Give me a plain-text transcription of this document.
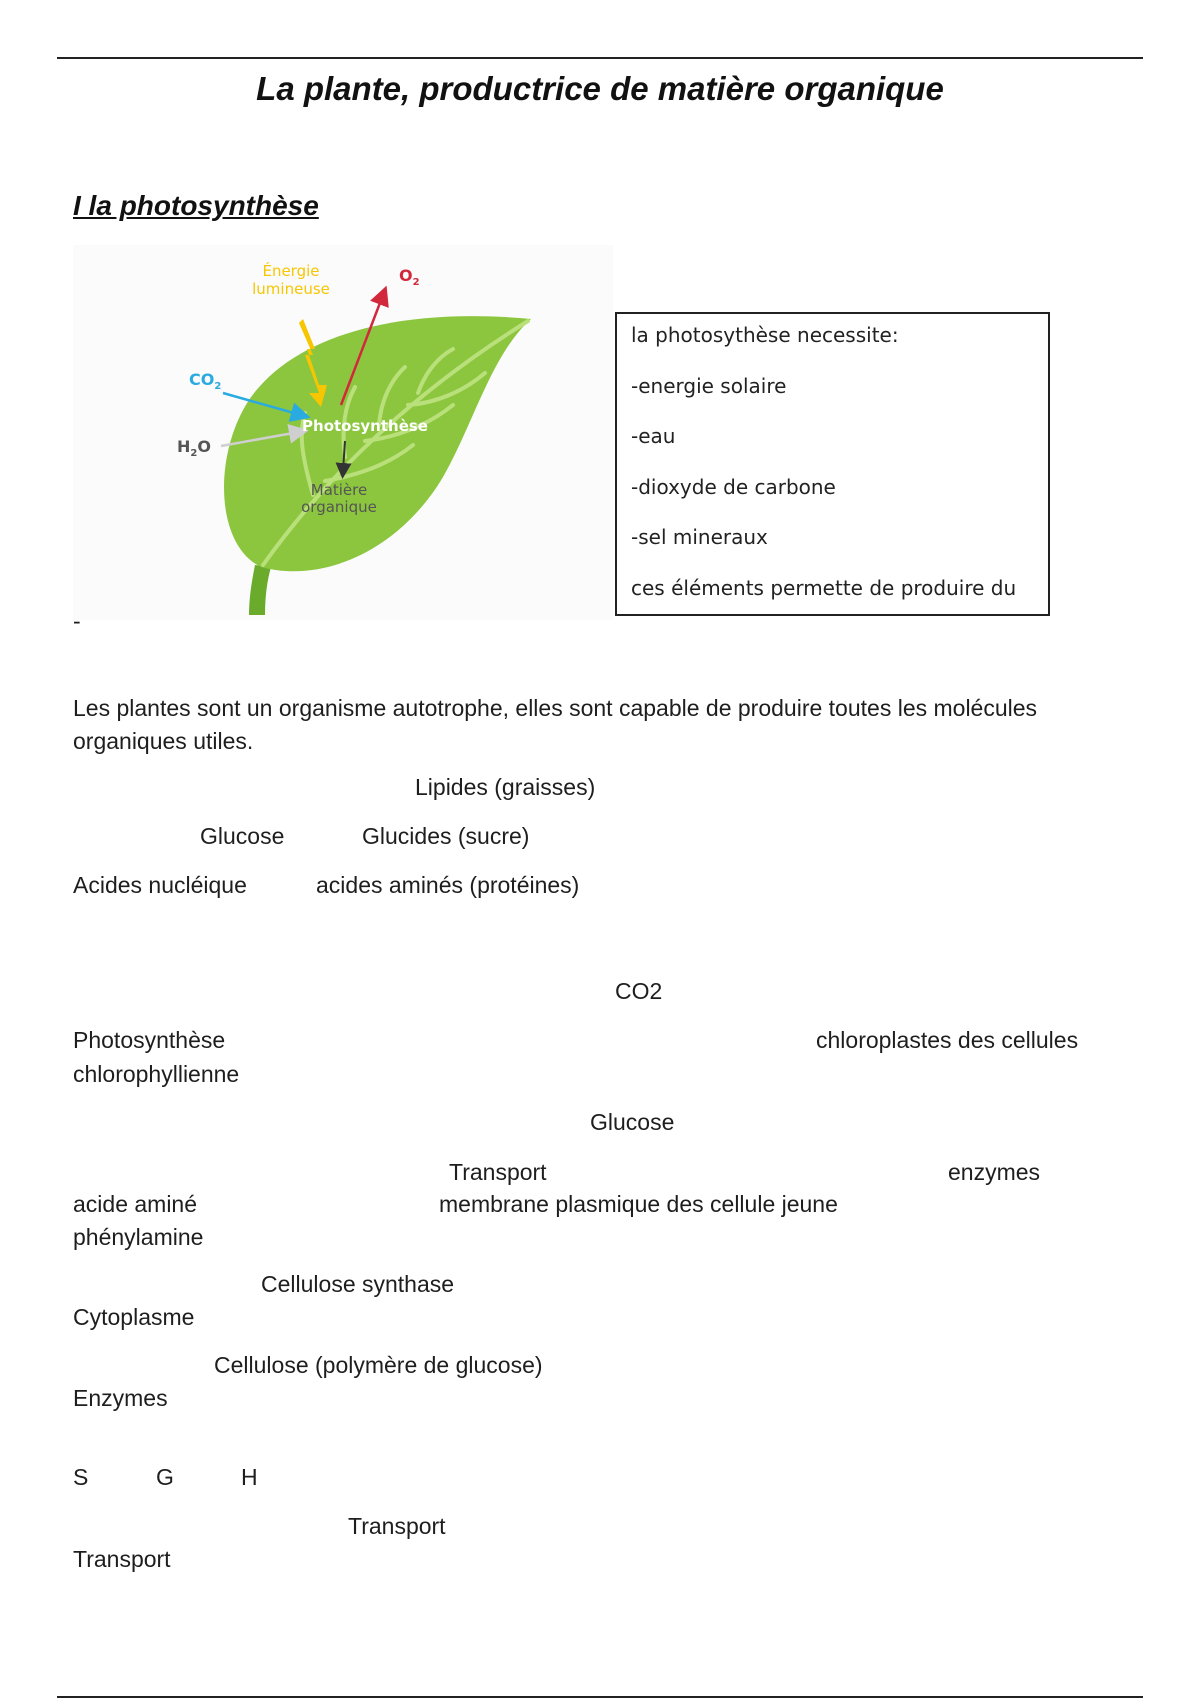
La plante, productrice de matière organique
I la photosynthèse
Énergie
lumineuse
$O_2$
$CO_2$
$H_2O$
Photosynthèse
Matière
organique
la photosythèse necessite:
-energie solaire
-eau
-dioxyde de carbone
-sel mineraux
ces éléments permette de produire du
-
Les plantes sont un organisme autotrophe, elles sont capable de produire toutes les molécules organiques utiles.
Lipides (graisses)
Glucose	Glucides (sucre)
Acides nucléique	acides aminés (protéines)
CO2
Photosynthèse	chloroplastes des cellules
chlorophyllienne
Glucose
Transport	enzymes
acide aminé	membrane plasmique des cellule jeune
phénylamine
Cellulose synthase
Cytoplasme
Cellulose (polymère de glucose)
Enzymes
S	G	H
Transport
Transport
